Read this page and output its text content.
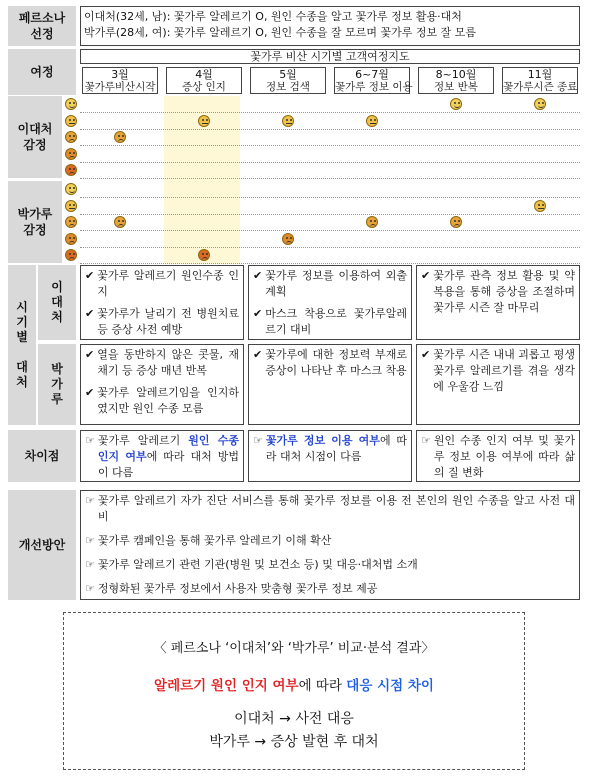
페르소나
선정
이대처(32세, 남): 꽃가루 알레르기 O, 원인 수종을 알고 꽃가루 정보 활용·대처
박가루(28세, 여): 꽃가루 알레르기 O, 원인 수종을 잘 모르며 꽃가루 정보 잘 모름
여정
꽃가루 비산 시기별 고객여정지도
3월
꽃가루비산시작
4월
증상 인지
5월
정보 검색
6~7월
꽃가루 정보 이용
8~10월
정보 반복
11월
꽃가루시즌 종료
이대처
감정
박가루
감정
시
기
별

대
처
이
대
처
박
가
루
✔ 꽃가루 알레르기 원인수종 인지
✔ 꽃가루가 날리기 전 병원치료 등 증상 사전 예방
✔ 꽃가루 정보를 이용하여 외출 계획
✔ 마스크 착용으로 꽃가루알레르기 대비
✔ 꽃가루 관측 정보 활용 및 약 복용을 통해 증상을 조절하며 꽃가루 시즌 잘 마무리
✔ 열을 동반하지 않은 콧물, 재채기 등 증상 매년 반복
✔ 꽃가루 알레르기임을 인지하였지만 원인 수종 모름
✔ 꽃가루에 대한 정보력 부재로 증상이 나타난 후 마스크 착용
✔ 꽃가루 시즌 내내 괴롭고 평생 꽃가루 알레르기를 겪을 생각에 우울감 느낌
차이점
☞ 꽃가루 알레르기 원인 수종 인지 여부에 따라 대처 방법이 다름
☞ 꽃가루 정보 이용 여부에 따라 대처 시점이 다름
☞ 원인 수종 인지 여부 및 꽃가루 정보 이용 여부에 따라 삶의 질 변화
개선방안
☞ 꽃가루 알레르기 자가 진단 서비스를 통해 꽃가루 정보를 이용 전 본인의 원인 수종을 알고 사전 대비
☞ 꽃가루 캠페인을 통해 꽃가루 알레르기 이해 확산
☞ 꽃가루 알레르기 관련 기관(병원 및 보건소 등) 및 대응·대처법 소개
☞ 정형화된 꽃가루 정보에서 사용자 맞춤형 꽃가루 정보 제공
〈 페르소나 ‘이대처’와 ‘박가루’ 비교·분석 결과〉
알레르기 원인 인지 여부에 따라 대응 시점 차이
이대처 → 사전 대응
박가루 → 증상 발현 후 대처
